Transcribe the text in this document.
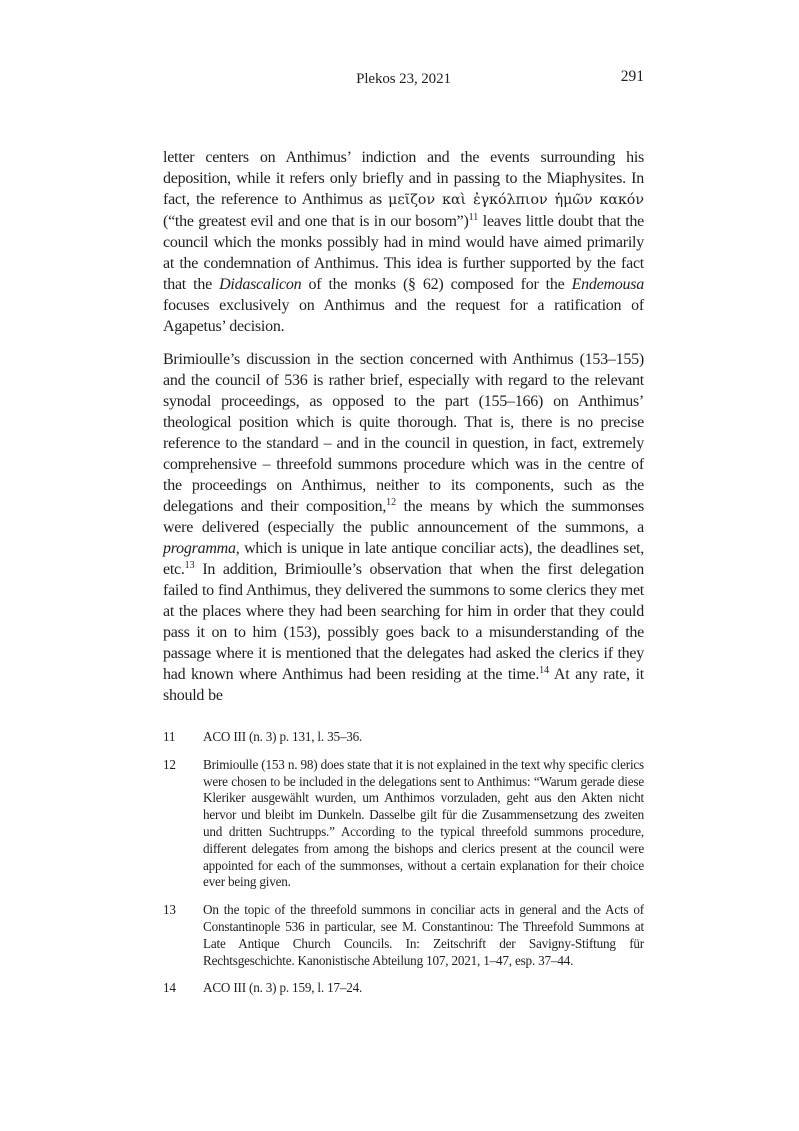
Plekos 23, 2021	291

letter centers on Anthimus’ indiction and the events surrounding his deposition, while it refers only briefly and in passing to the Miaphysites. In fact, the reference to Anthimus as μεῖζον καὶ ἐγκόλπιον ἡμῶν κακόν (“the greatest evil and one that is in our bosom”)$^{11}$ leaves little doubt that the council which the monks possibly had in mind would have aimed primarily at the condemnation of Anthimus. This idea is further supported by the fact that the Didascalicon of the monks (§ 62) composed for the Endemousa focuses exclusively on Anthimus and the request for a ratification of Agapetus’ decision.

Brimioulle’s discussion in the section concerned with Anthimus (153–155) and the council of 536 is rather brief, especially with regard to the relevant synodal proceedings, as opposed to the part (155–166) on Anthimus’ theological position which is quite thorough. That is, there is no precise reference to the standard – and in the council in question, in fact, extremely comprehensive – threefold summons procedure which was in the centre of the proceedings on Anthimus, neither to its components, such as the delegations and their composition,$^{12}$ the means by which the summonses were delivered (especially the public announcement of the summons, a programma, which is unique in late antique conciliar acts), the deadlines set, etc.$^{13}$ In addition, Brimioulle’s observation that when the first delegation failed to find Anthimus, they delivered the summons to some clerics they met at the places where they had been searching for him in order that they could pass it on to him (153), possibly goes back to a misunderstanding of the passage where it is mentioned that the delegates had asked the clerics if they had known where Anthimus had been residing at the time.$^{14}$ At any rate, it should be

11	ACO III (n. 3) p. 131, l. 35–36.
12	Brimioulle (153 n. 98) does state that it is not explained in the text why specific clerics were chosen to be included in the delegations sent to Anthimus: “Warum gerade diese Kleriker ausgewählt wurden, um Anthimos vorzuladen, geht aus den Akten nicht hervor und bleibt im Dunkeln. Dasselbe gilt für die Zusammensetzung des zweiten und dritten Suchtrupps.” According to the typical threefold summons procedure, different delegates from among the bishops and clerics present at the council were appointed for each of the summonses, without a certain explanation for their choice ever being given.
13	On the topic of the threefold summons in conciliar acts in general and the Acts of Constantinople 536 in particular, see M. Constantinou: The Threefold Summons at Late Antique Church Councils. In: Zeitschrift der Savigny-Stiftung für Rechtsgeschichte. Kanonistische Abteilung 107, 2021, 1–47, esp. 37–44.
14	ACO III (n. 3) p. 159, l. 17–24.
